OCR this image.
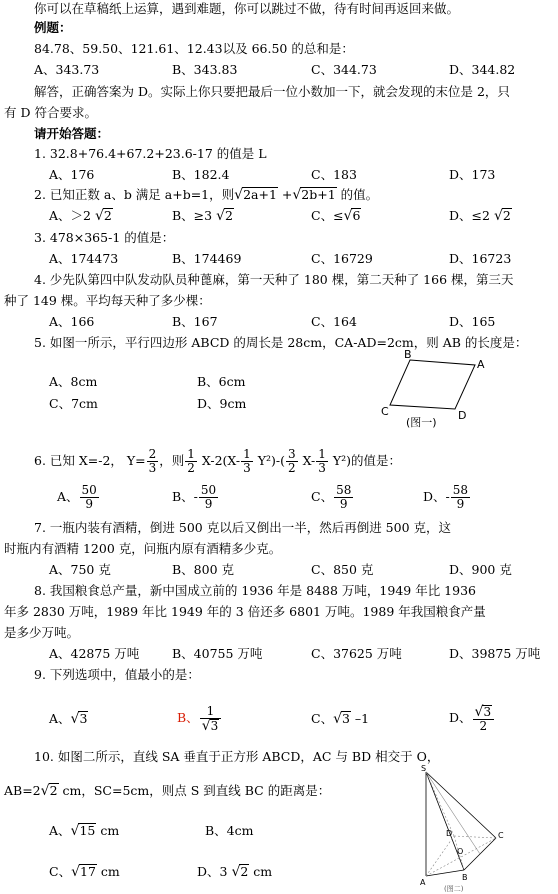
你可以在草稿纸上运算，遇到难题，你可以跳过不做，待有时间再返回来做。
例题：
84.78、59.50、121.61、12.43以及 66.50 的总和是：
A、343.73	B、343.83	C、344.73	D、344.82
解答，正确答案为 D。实际上你只要把最后一位小数加一下，就会发现的末位是 2，只
有 D 符合要求。
请开始答题：
1. 32.8+76.4+67.2+23.6-17 的值是 L
A、176	B、182.4	C、183	D、173
2. 已知正数 a、b 满足 a+b=1，则√2a+1 +√2b+1 的值。
A、＞2 √2	B、≥3 √2	C、≤√6	D、≤2 √2
3. 478×365-1 的值是：
A、174473	B、174469	C、16729	D、16723
4. 少先队第四中队发动队员种蓖麻，第一天种了 180 棵，第二天种了 166 棵，第三天
种了 149 棵。平均每天种了多少棵：
A、166	B、167	C、164	D、165
5. 如图一所示，平行四边形 ABCD 的周长是 28cm，CA-AD=2cm，则 AB 的长度是：
A、8cm	B、6cm
C、7cm	D、9cm
B
A
C	D
(图一)
6. 已知 X=-2， $Y= \frac{2}{3}$ ，则 $\frac{1}{2} X-2(X- \frac{1}{3} Y^2)-( \frac{3}{2} X- \frac{1}{3} Y^2)$的值是：
A、 $\frac{50}{9}$	B、- $\frac{50}{9}$	C、 $\frac{58}{9}$	D、- $\frac{58}{9}$
7. 一瓶内装有酒精，倒进 500 克以后又倒出一半，然后再倒进 500 克，这
时瓶内有酒精 1200 克，问瓶内原有酒精多少克。
A、750 克	B、800 克	C、850 克	D、900 克
8. 我国粮食总产量，新中国成立前的 1936 年是 8488 万吨，1949 年比 1936
年多 2830 万吨，1989 年比 1949 年的 3 倍还多 6801 万吨。1989 年我国粮食产量
是多少万吨。
A、42875 万吨	B、40755 万吨	C、37625 万吨	D、39875 万吨
9. 下列选项中，值最小的是：
A、√3	B、 $\frac{1}{√3}$	C、√3 –1	D、 $\frac{√3}{2}$
10. 如图二所示，直线 SA 垂直于正方形 ABCD，AC 与 BD 相交于 O，
AB=2√2 cm，SC=5cm，则点 S 到直线 BC 的距离是：
A、√15 cm	B、4cm
C、√17 cm	D、3 √2 cm
S
A
B
C
D
O
(图二)
